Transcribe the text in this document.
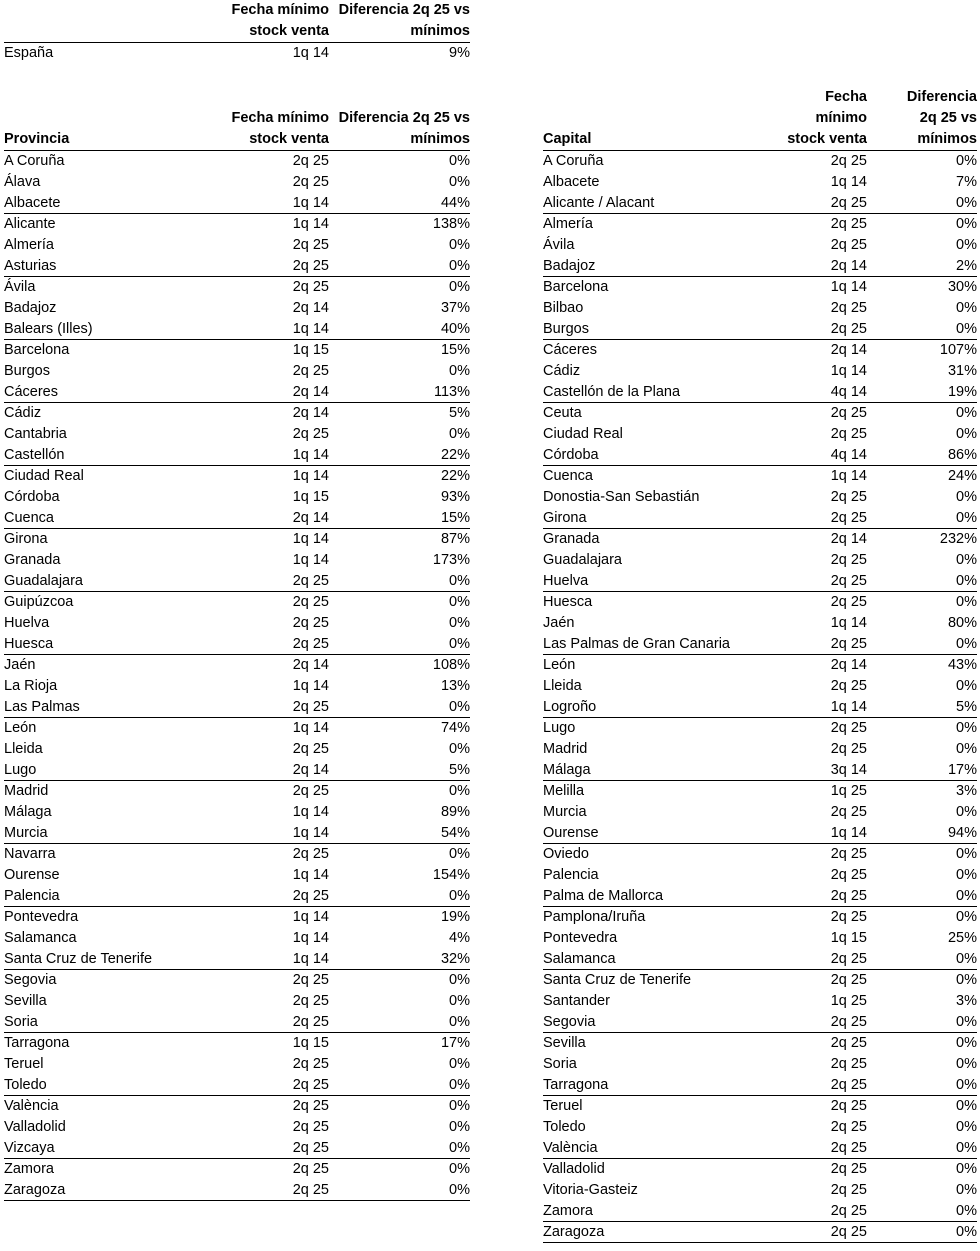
Fecha mínimo stock venta
Diferencia 2q 25 vs mínimos
España	1q 14	9%
Provincia
Fecha mínimo stock venta
Diferencia 2q 25 vs mínimos
A Coruña	2q 25	0%
Álava	2q 25	0%
Albacete	1q 14	44%
Alicante	1q 14	138%
Almería	2q 25	0%
Asturias	2q 25	0%
Ávila	2q 25	0%
Badajoz	2q 14	37%
Balears (Illes)	1q 14	40%
Barcelona	1q 15	15%
Burgos	2q 25	0%
Cáceres	2q 14	113%
Cádiz	2q 14	5%
Cantabria	2q 25	0%
Castellón	1q 14	22%
Ciudad Real	1q 14	22%
Córdoba	1q 15	93%
Cuenca	2q 14	15%
Girona	1q 14	87%
Granada	1q 14	173%
Guadalajara	2q 25	0%
Guipúzcoa	2q 25	0%
Huelva	2q 25	0%
Huesca	2q 25	0%
Jaén	2q 14	108%
La Rioja	1q 14	13%
Las Palmas	2q 25	0%
León	1q 14	74%
Lleida	2q 25	0%
Lugo	2q 14	5%
Madrid	2q 25	0%
Málaga	1q 14	89%
Murcia	1q 14	54%
Navarra	2q 25	0%
Ourense	1q 14	154%
Palencia	2q 25	0%
Pontevedra	1q 14	19%
Salamanca	1q 14	4%
Santa Cruz de Tenerife	1q 14	32%
Segovia	2q 25	0%
Sevilla	2q 25	0%
Soria	2q 25	0%
Tarragona	1q 15	17%
Teruel	2q 25	0%
Toledo	2q 25	0%
València	2q 25	0%
Valladolid	2q 25	0%
Vizcaya	2q 25	0%
Zamora	2q 25	0%
Zaragoza	2q 25	0%
Capital
Fecha mínimo stock venta
Diferencia 2q 25 vs mínimos
A Coruña	2q 25	0%
Albacete	1q 14	7%
Alicante / Alacant	2q 25	0%
Almería	2q 25	0%
Ávila	2q 25	0%
Badajoz	2q 14	2%
Barcelona	1q 14	30%
Bilbao	2q 25	0%
Burgos	2q 25	0%
Cáceres	2q 14	107%
Cádiz	1q 14	31%
Castellón de la Plana	4q 14	19%
Ceuta	2q 25	0%
Ciudad Real	2q 25	0%
Córdoba	4q 14	86%
Cuenca	1q 14	24%
Donostia-San Sebastián	2q 25	0%
Girona	2q 25	0%
Granada	2q 14	232%
Guadalajara	2q 25	0%
Huelva	2q 25	0%
Huesca	2q 25	0%
Jaén	1q 14	80%
Las Palmas de Gran Canaria	2q 25	0%
León	2q 14	43%
Lleida	2q 25	0%
Logroño	1q 14	5%
Lugo	2q 25	0%
Madrid	2q 25	0%
Málaga	3q 14	17%
Melilla	1q 25	3%
Murcia	2q 25	0%
Ourense	1q 14	94%
Oviedo	2q 25	0%
Palencia	2q 25	0%
Palma de Mallorca	2q 25	0%
Pamplona/Iruña	2q 25	0%
Pontevedra	1q 15	25%
Salamanca	2q 25	0%
Santa Cruz de Tenerife	2q 25	0%
Santander	1q 25	3%
Segovia	2q 25	0%
Sevilla	2q 25	0%
Soria	2q 25	0%
Tarragona	2q 25	0%
Teruel	2q 25	0%
Toledo	2q 25	0%
València	2q 25	0%
Valladolid	2q 25	0%
Vitoria-Gasteiz	2q 25	0%
Zamora	2q 25	0%
Zaragoza	2q 25	0%
